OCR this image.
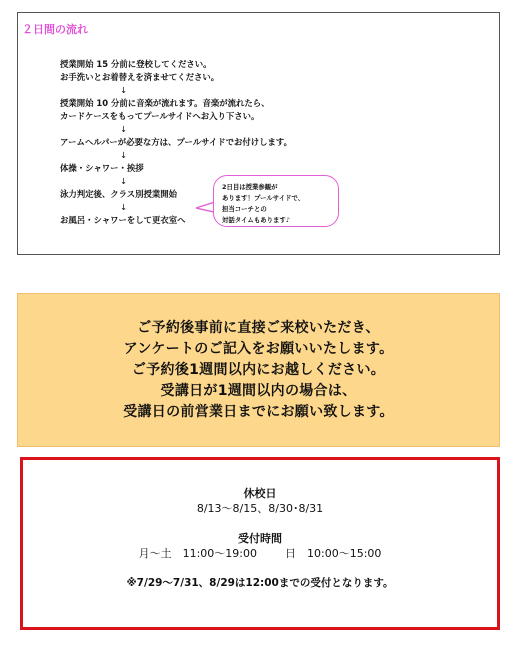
２日間の流れ
授業開始 15 分前に登校してください。
お手洗いとお着替えを済ませてください。
↓
授業開始 10 分前に音楽が流れます。音楽が流れたら、
カードケースをもってプールサイドへお入り下さい。
↓
アームヘルパーが必要な方は、プールサイドでお付けします。
↓
体操・シャワー・挨拶
↓
泳力判定後、クラス別授業開始
↓
お風呂・シャワーをして更衣室へ
2日目は授業参観が
あります！プールサイドで、
担当コーチとの
対話タイムもあります♪
ご予約後事前に直接ご来校いただき、
アンケートのご記入をお願いいたします。
ご予約後1週間以内にお越しください。
受講日が1週間以内の場合は、
受講日の前営業日までにお願い致します。
休校日
8/13～8/15、8/30･8/31
受付時間
月～土　11:00～19:00	日　10:00～15:00
※7/29～7/31、8/29は12:00までの受付となります。
